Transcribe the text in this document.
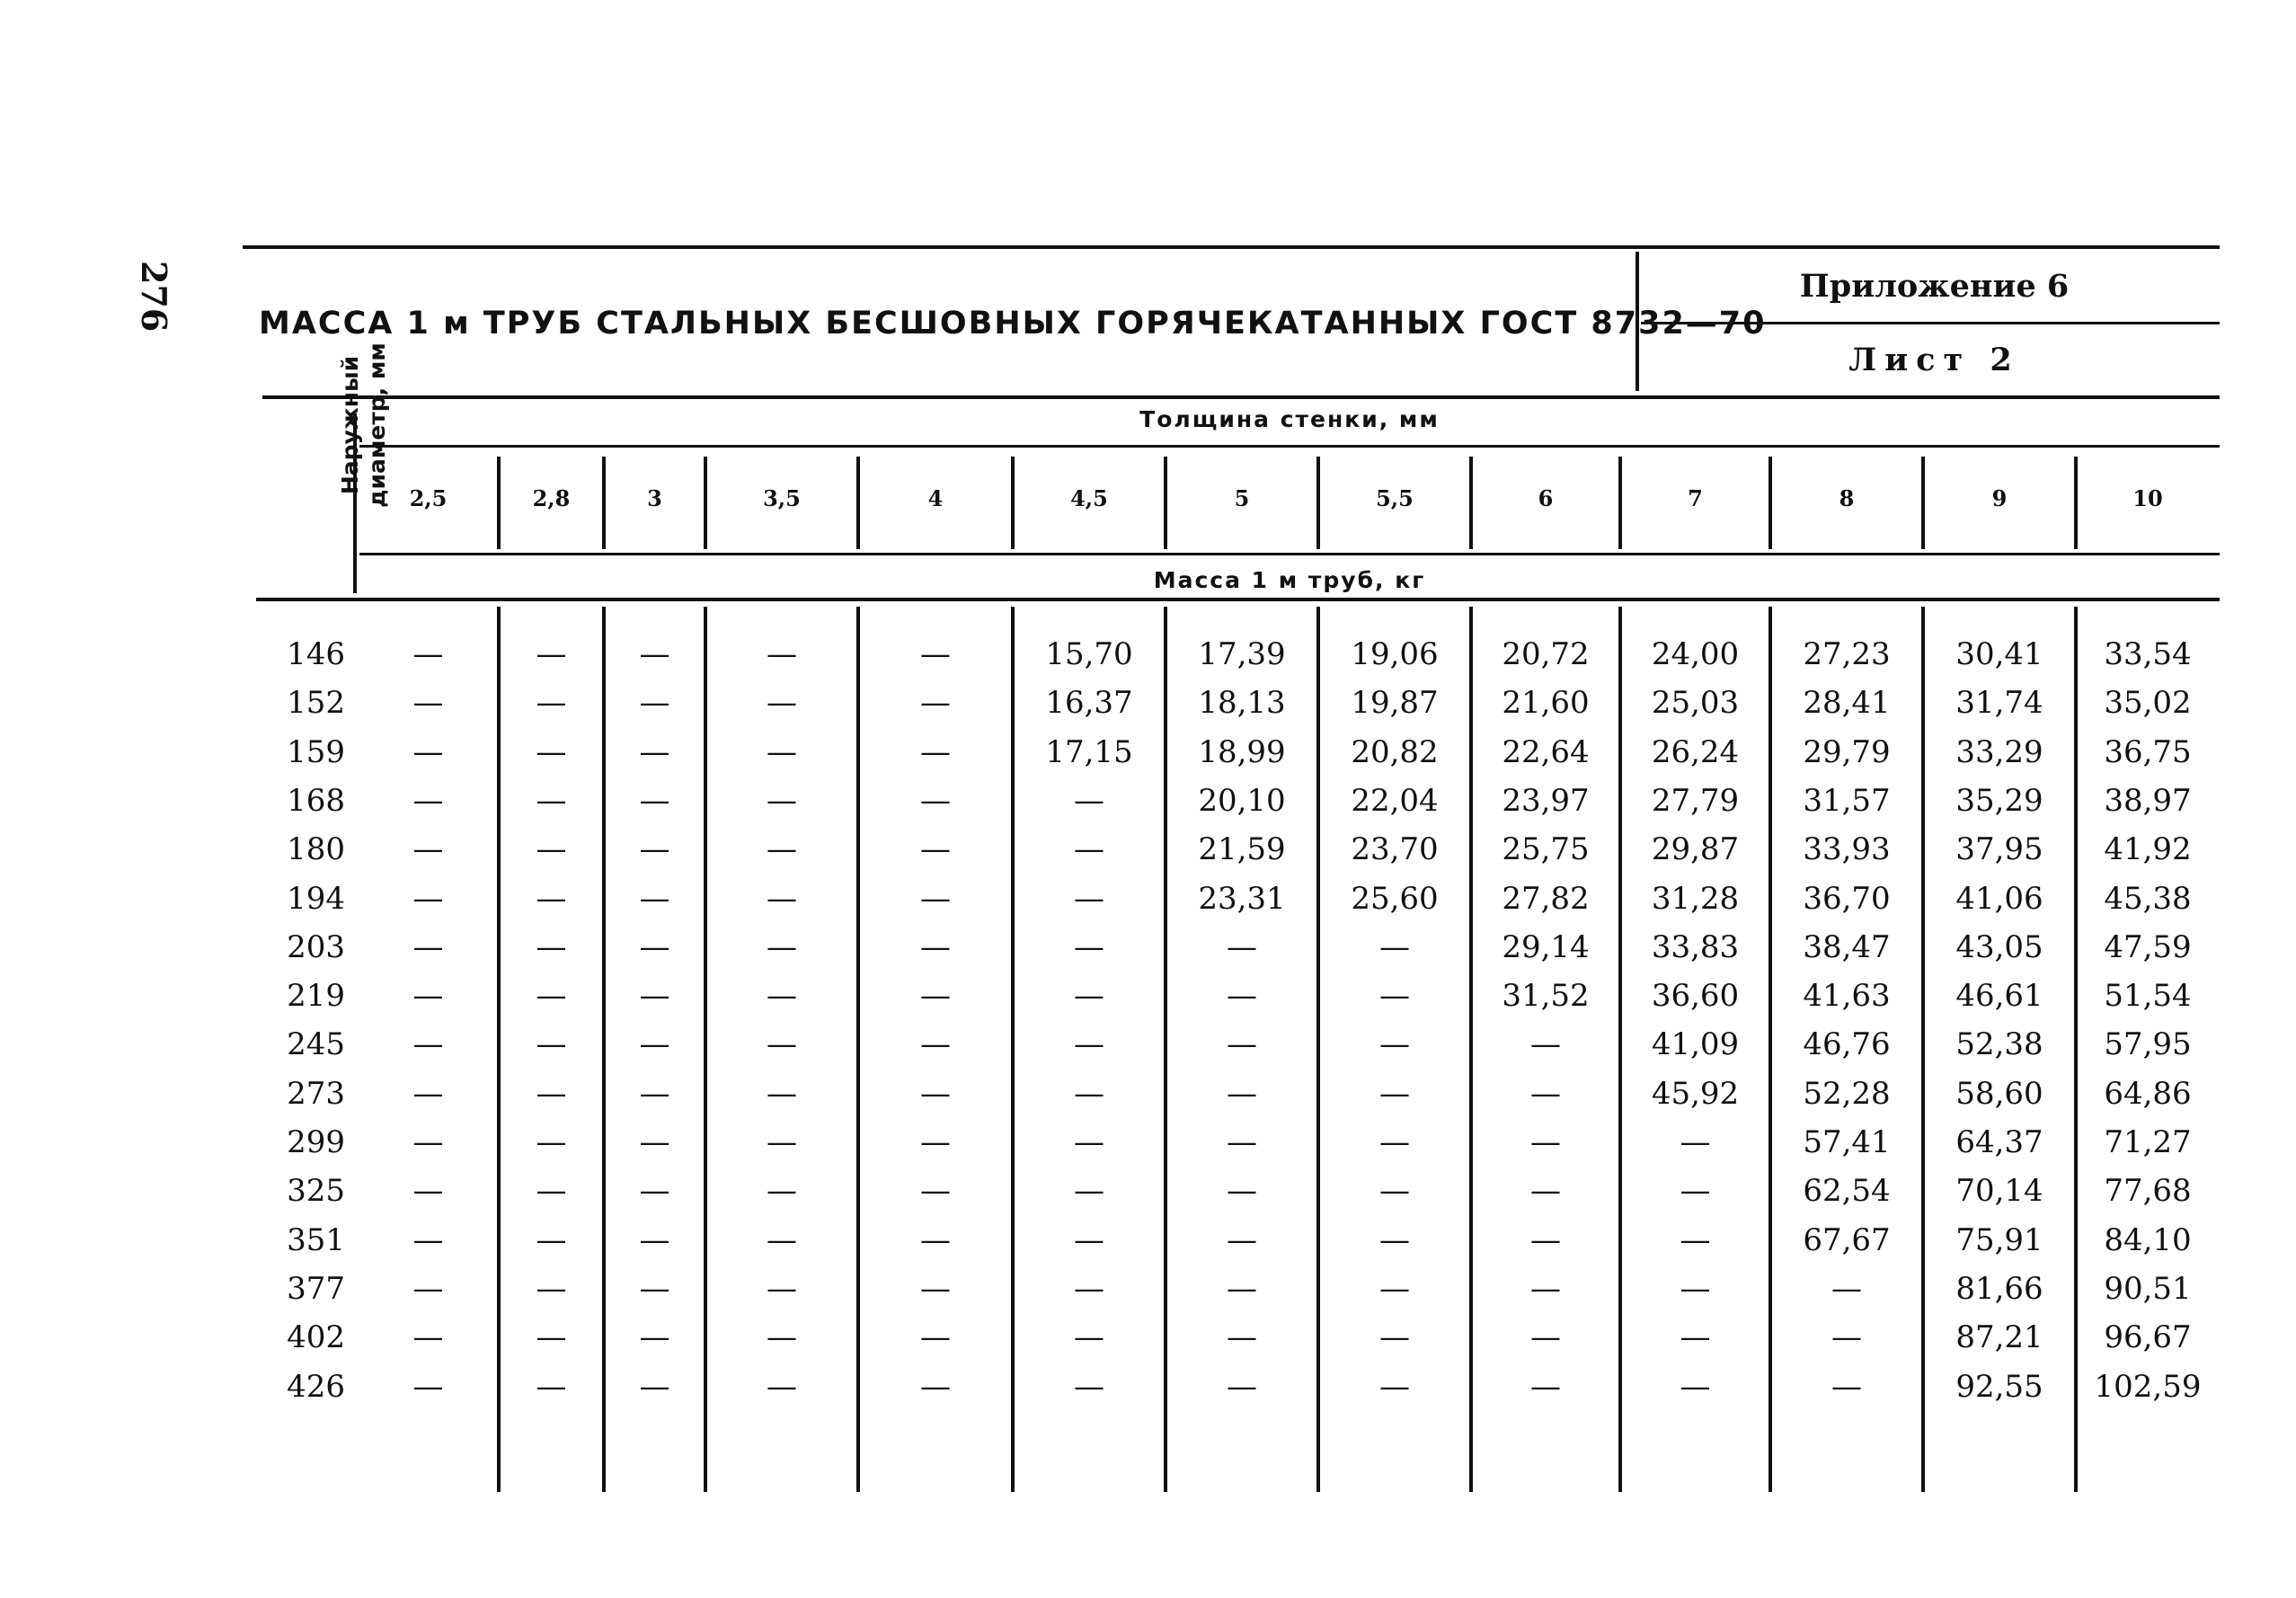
276	МАССА 1 м ТРУБ СТАЛЬНЫХ БЕСШОВНЫХ ГОРЯЧЕКАТАННЫХ ГОСТ 8732—70
Приложение 6
Лист 2
Наружный диаметр, мм	Толщина стенки, мм
Масса 1 м труб, кг
2,5	2,8	3	3,5	4	4,5	5	5,5	6	7	8	9	10
146	—	—	—	—	—	15,70	17,39	19,06	20,72	24,00	27,23	30,41	33,54
152	—	—	—	—	—	16,37	18,13	19,87	21,60	25,03	28,41	31,74	35,02
159	—	—	—	—	—	17,15	18,99	20,82	22,64	26,24	29,79	33,29	36,75
168	—	—	—	—	—	—	20,10	22,04	23,97	27,79	31,57	35,29	38,97
180	—	—	—	—	—	—	21,59	23,70	25,75	29,87	33,93	37,95	41,92
194	—	—	—	—	—	—	23,31	25,60	27,82	31,28	36,70	41,06	45,38
203	—	—	—	—	—	—	—	—	29,14	33,83	38,47	43,05	47,59
219	—	—	—	—	—	—	—	—	31,52	36,60	41,63	46,61	51,54
245	—	—	—	—	—	—	—	—	—	41,09	46,76	52,38	57,95
273	—	—	—	—	—	—	—	—	—	45,92	52,28	58,60	64,86
299	—	—	—	—	—	—	—	—	—	—	57,41	64,37	71,27
325	—	—	—	—	—	—	—	—	—	—	62,54	70,14	77,68
351	—	—	—	—	—	—	—	—	—	—	67,67	75,91	84,10
377	—	—	—	—	—	—	—	—	—	—	—	81,66	90,51
402	—	—	—	—	—	—	—	—	—	—	—	87,21	96,67
426	—	—	—	—	—	—	—	—	—	—	—	92,55	102,59
